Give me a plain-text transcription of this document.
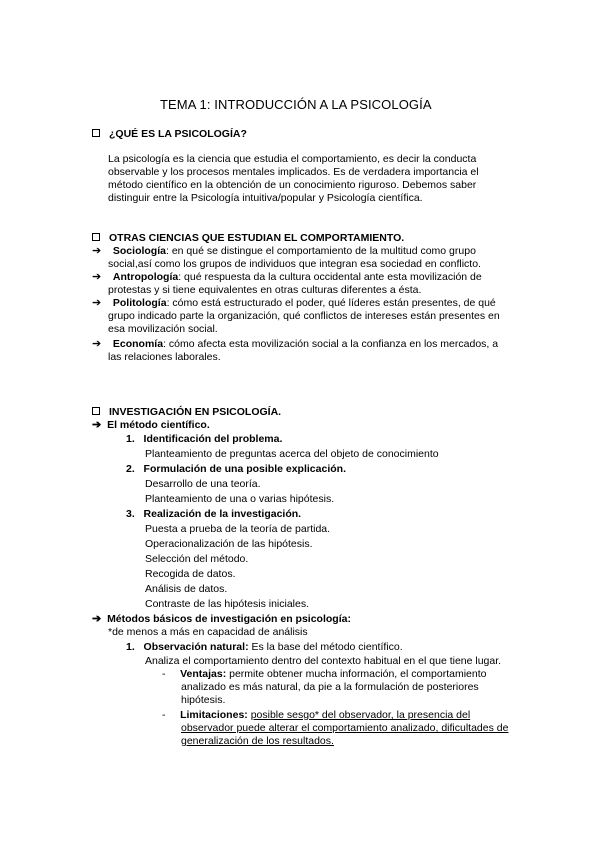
TEMA 1: INTRODUCCIÓN A LA PSICOLOGÍA
¿QUÉ ES LA PSICOLOGÍA?
La psicología es la ciencia que estudia el comportamiento, es decir la conducta
observable y los procesos mentales implicados. Es de verdadera importancia el
método científico en la obtención de un conocimiento riguroso. Debemos saber
distinguir entre la Psicología intuitiva/popular y Psicología científica.
OTRAS CIENCIAS QUE ESTUDIAN EL COMPORTAMIENTO.
➔ Sociología: en qué se distingue el comportamiento de la multitud como grupo
social,así como los grupos de individuos que integran esa sociedad en conflicto.
➔ Antropología: qué respuesta da la cultura occidental ante esta movilización de
protestas y si tiene equivalentes en otras culturas diferentes a ésta.
➔ Politología: cómo está estructurado el poder, qué líderes están presentes, de qué
grupo indicado parte la organización, qué conflictos de intereses están presentes en
esa movilización social.
➔ Economía: cómo afecta esta movilización social a la confianza en los mercados, a
las relaciones laborales.
INVESTIGACIÓN EN PSICOLOGÍA.
➔ El método científico.
1. Identificación del problema.
Planteamiento de preguntas acerca del objeto de conocimiento
2. Formulación de una posible explicación.
Desarrollo de una teoría.
Planteamiento de una o varias hipótesis.
3. Realización de la investigación.
Puesta a prueba de la teoría de partida.
Operacionalización de las hipótesis.
Selección del método.
Recogida de datos.
Análisis de datos.
Contraste de las hipótesis iniciales.
➔ Métodos básicos de investigación en psicología:
*de menos a más en capacidad de análisis
1. Observación natural: Es la base del método científico.
Analiza el comportamiento dentro del contexto habitual en el que tiene lugar.
- Ventajas: permite obtener mucha información, el comportamiento
analizado es más natural, da pie a la formulación de posteriores
hipótesis.
- Limitaciones: posible sesgo* del observador, la presencia del
observador puede alterar el comportamiento analizado, dificultades de
generalización de los resultados.
